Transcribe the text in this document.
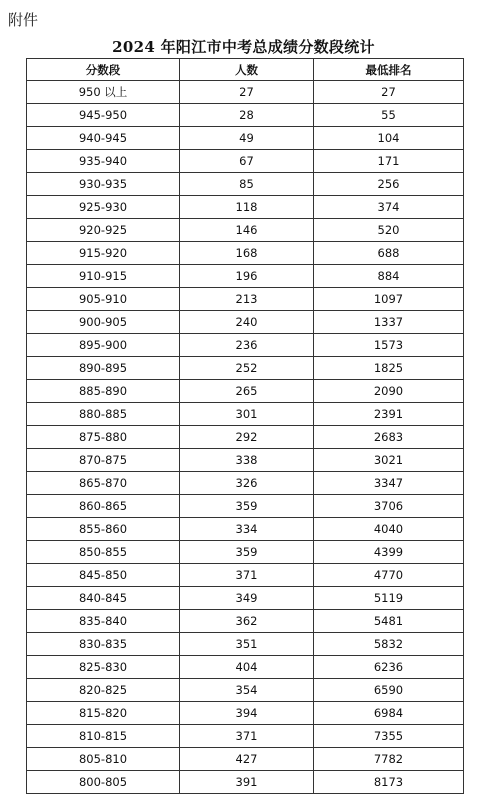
附件
2024 年阳江市中考总成绩分数段统计
分数段	人数	最低排名
950 以上	27	27
945-950	28	55
940-945	49	104
935-940	67	171
930-935	85	256
925-930	118	374
920-925	146	520
915-920	168	688
910-915	196	884
905-910	213	1097
900-905	240	1337
895-900	236	1573
890-895	252	1825
885-890	265	2090
880-885	301	2391
875-880	292	2683
870-875	338	3021
865-870	326	3347
860-865	359	3706
855-860	334	4040
850-855	359	4399
845-850	371	4770
840-845	349	5119
835-840	362	5481
830-835	351	5832
825-830	404	6236
820-825	354	6590
815-820	394	6984
810-815	371	7355
805-810	427	7782
800-805	391	8173
